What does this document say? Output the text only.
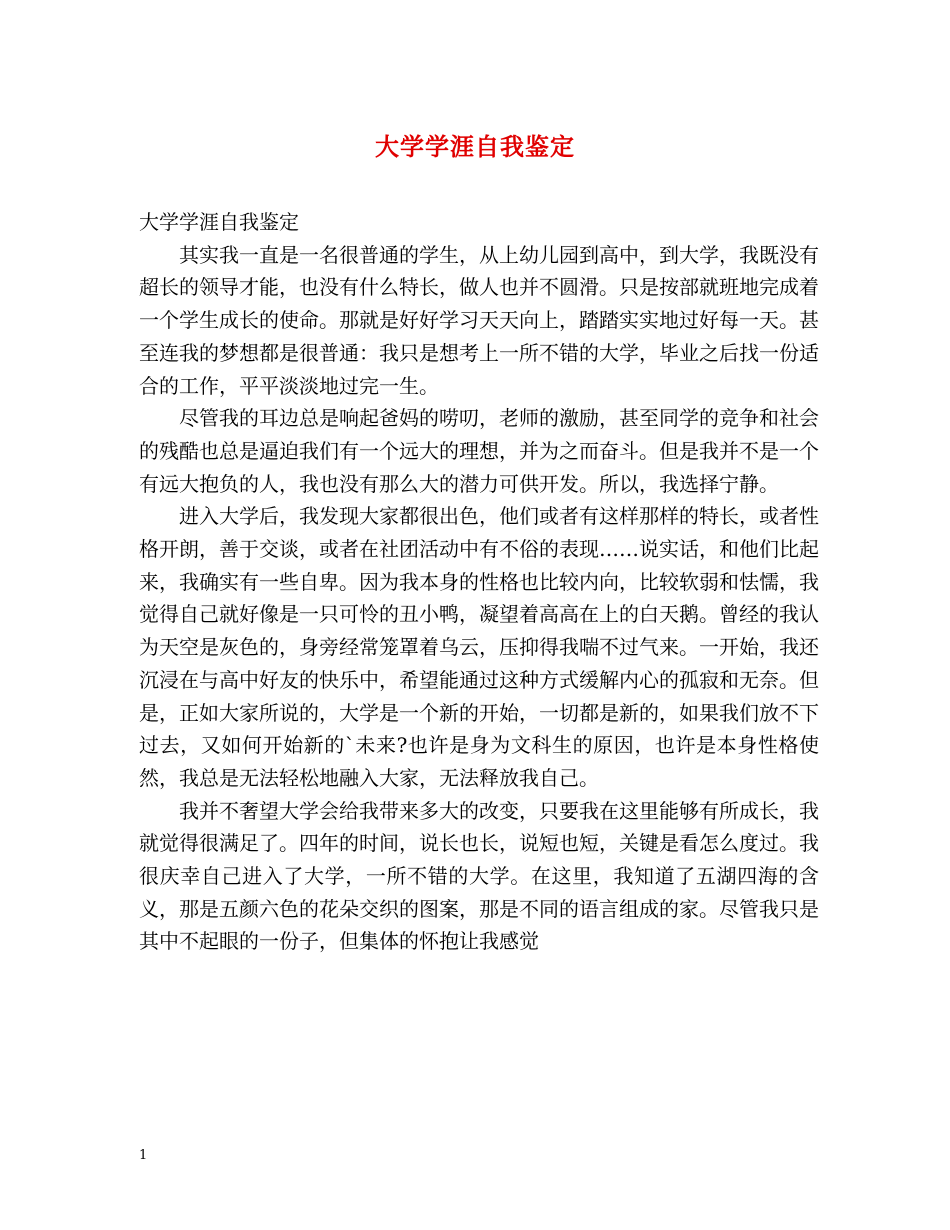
大学学涯自我鉴定

大学学涯自我鉴定

其实我一直是一名很普通的学生，从上幼儿园到高中，到大学，我既没有超长的领导才能，也没有什么特长，做人也并不圆滑。只是按部就班地完成着一个学生成长的使命。那就是好好学习天天向上，踏踏实实地过好每一天。甚至连我的梦想都是很普通：我只是想考上一所不错的大学，毕业之后找一份适合的工作，平平淡淡地过完一生。

尽管我的耳边总是响起爸妈的唠叨，老师的激励，甚至同学的竞争和社会的残酷也总是逼迫我们有一个远大的理想，并为之而奋斗。但是我并不是一个有远大抱负的人，我也没有那么大的潜力可供开发。所以，我选择宁静。

进入大学后，我发现大家都很出色，他们或者有这样那样的特长，或者性格开朗，善于交谈，或者在社团活动中有不俗的表现……说实话，和他们比起来，我确实有一些自卑。因为我本身的性格也比较内向，比较软弱和怯懦，我觉得自己就好像是一只可怜的丑小鸭，凝望着高高在上的白天鹅。曾经的我认为天空是灰色的，身旁经常笼罩着乌云，压抑得我喘不过气来。一开始，我还沉浸在与高中好友的快乐中，希望能通过这种方式缓解内心的孤寂和无奈。但是，正如大家所说的，大学是一个新的开始，一切都是新的，如果我们放不下过去，又如何开始新的`未来?也许是身为文科生的原因，也许是本身性格使然，我总是无法轻松地融入大家，无法释放我自己。

我并不奢望大学会给我带来多大的改变，只要我在这里能够有所成长，我就觉得很满足了。四年的时间，说长也长，说短也短，关键是看怎么度过。我很庆幸自己进入了大学，一所不错的大学。在这里，我知道了五湖四海的含义，那是五颜六色的花朵交织的图案，那是不同的语言组成的家。尽管我只是其中不起眼的一份子，但集体的怀抱让我感觉

1
